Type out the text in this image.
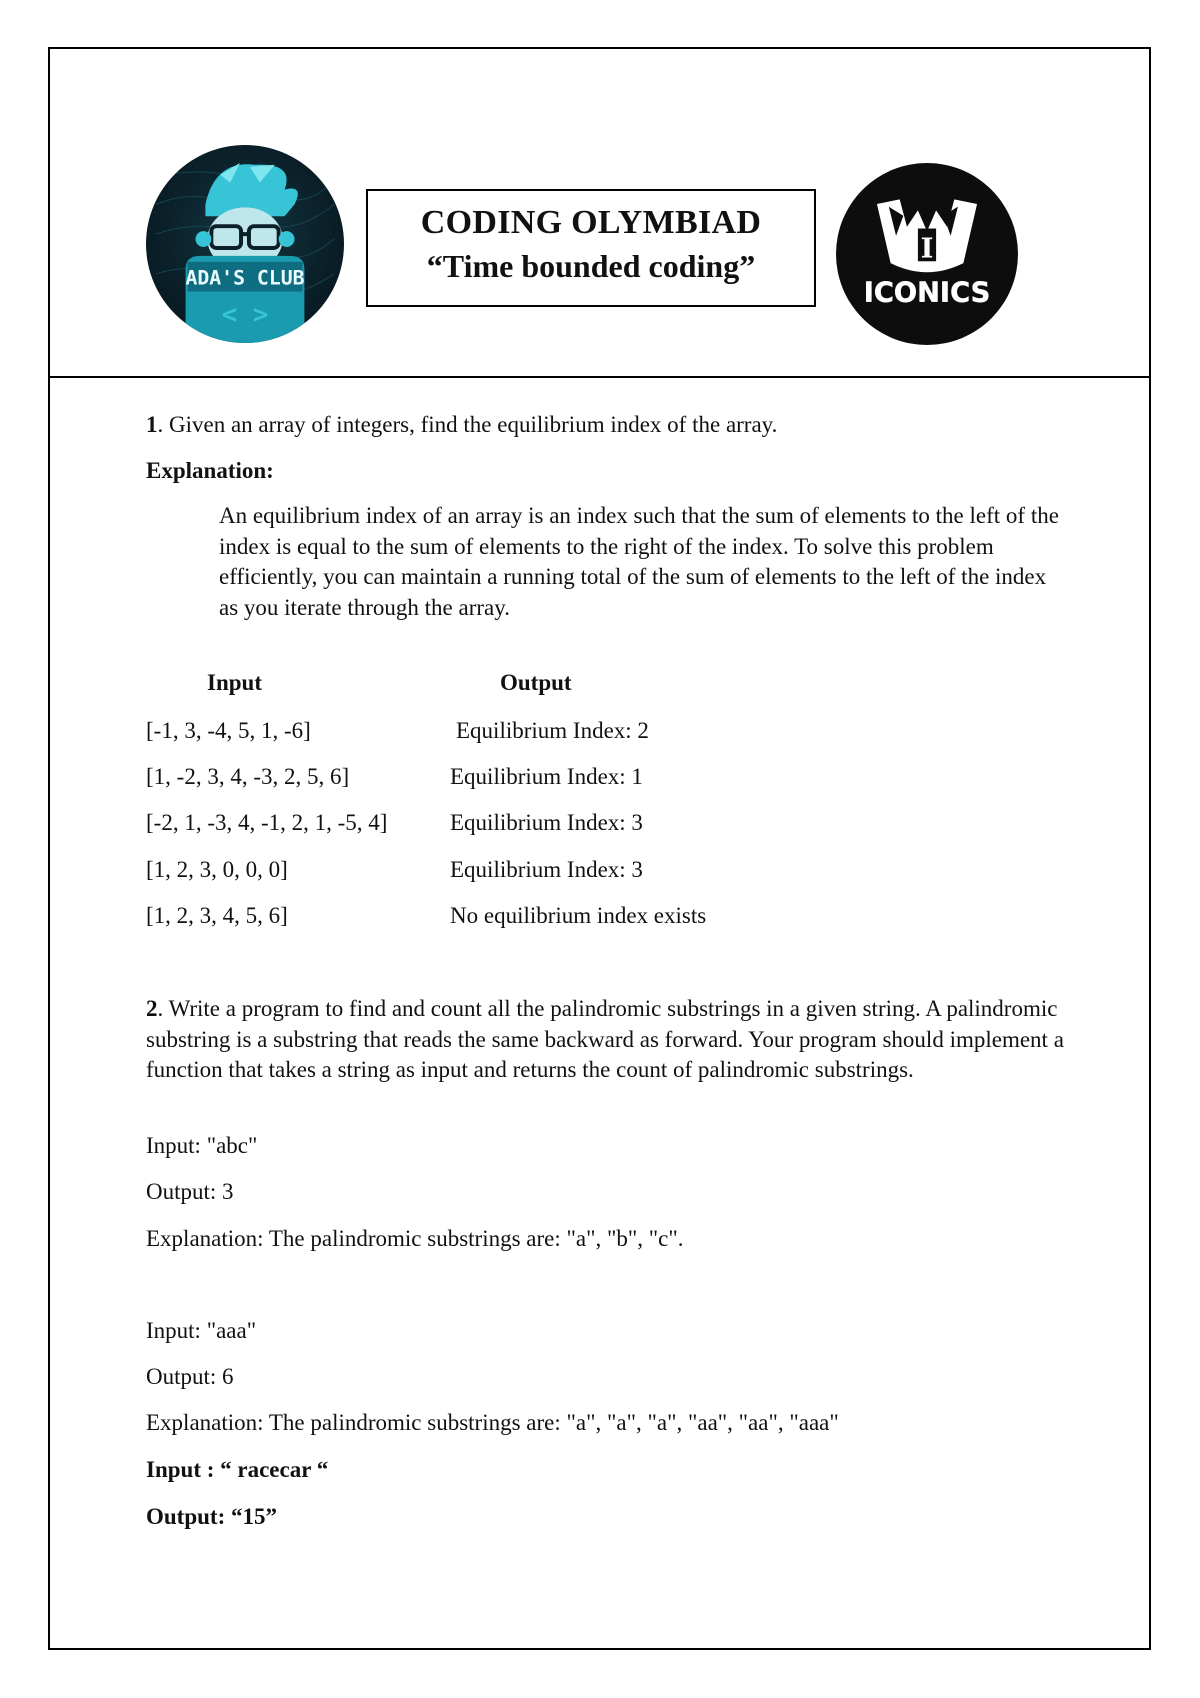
ADA'S CLUB
< >
CODING OLYMBIAD
“Time bounded coding”	I
ICONICS
1. Given an array of integers, find the equilibrium index of the array.
Explanation:
An equilibrium index of an array is an index such that the sum of elements to the left of the index is equal to the sum of elements to the right of the index. To solve this problem efficiently, you can maintain a running total of the sum of elements to the left of the index as you iterate through the array.
Input	Output
[-1, 3, -4, 5, 1, -6]	Equilibrium Index: 2
[1, -2, 3, 4, -3, 2, 5, 6]	Equilibrium Index: 1
[-2, 1, -3, 4, -1, 2, 1, -5, 4]	Equilibrium Index: 3
[1, 2, 3, 0, 0, 0]	Equilibrium Index: 3
[1, 2, 3, 4, 5, 6]	No equilibrium index exists
2. Write a program to find and count all the palindromic substrings in a given string. A palindromic substring is a substring that reads the same backward as forward. Your program should implement a function that takes a string as input and returns the count of palindromic substrings.
Input: "abc"
Output: 3
Explanation: The palindromic substrings are: "a", "b", "c".
Input: "aaa"
Output: 6
Explanation: The palindromic substrings are: "a", "a", "a", "aa", "aa", "aaa"
Input : “ racecar “
Output: “15”
